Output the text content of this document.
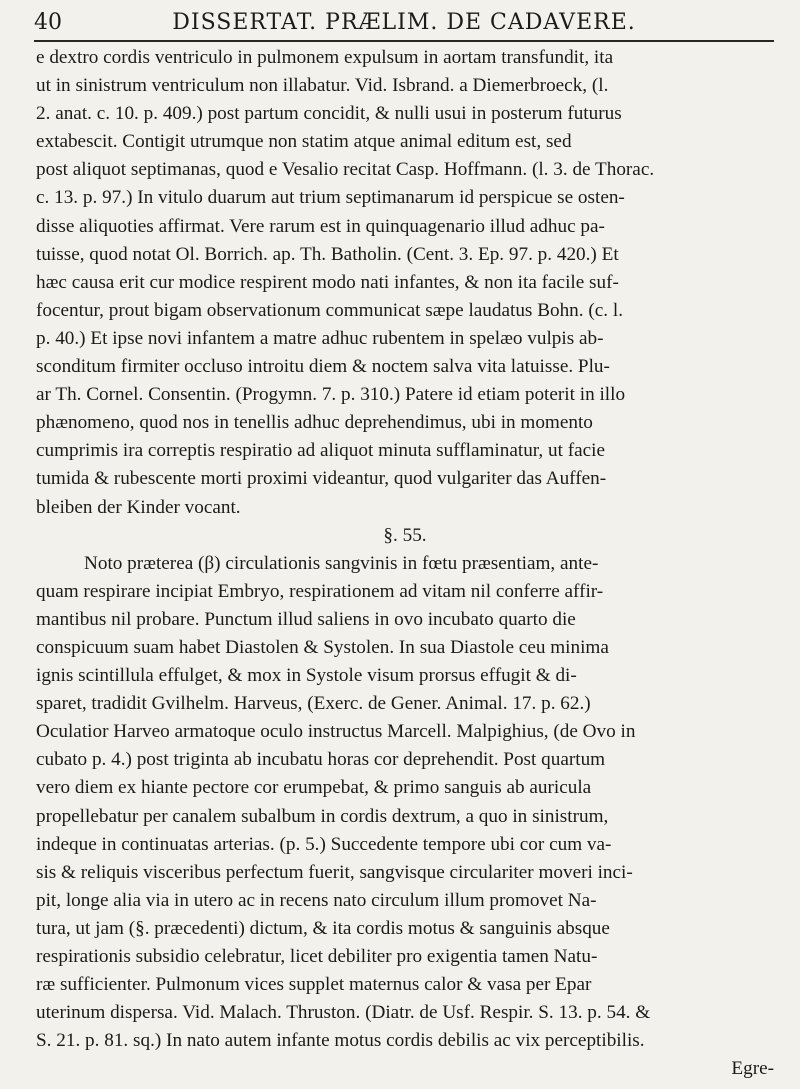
40	DISSERTAT. PRÆLIM. DE CADAVERE.
e dextro cordis ventriculo in pulmonem expulsum in aortam transfundit, ita
ut in sinistrum ventriculum non illabatur. Vid. Isbrand. a Diemerbroeck, (l.
2. anat. c. 10. p. 409.) post partum concidit, & nulli usui in posterum futurus
extabescit. Contigit utrumque non statim atque animal editum est, sed
post aliquot septimanas, quod e Vesalio recitat Casp. Hoffmann. (l. 3. de Thorac.
c. 13. p. 97.) In vitulo duarum aut trium septimanarum id perspicue se osten-
disse aliquoties affirmat. Vere rarum est in quinquagenario illud adhuc pa-
tuisse, quod notat Ol. Borrich. ap. Th. Batholin. (Cent. 3. Ep. 97. p. 420.) Et
hæc causa erit cur modice respirent modo nati infantes, & non ita facile suf-
focentur, prout bigam observationum communicat sæpe laudatus Bohn. (c. l.
p. 40.) Et ipse novi infantem a matre adhuc rubentem in spelæo vulpis ab-
sconditum firmiter occluso introitu diem & noctem salva vita latuisse. Plu-
ar Th. Cornel. Consentin. (Progymn. 7. p. 310.) Patere id etiam poterit in illo
phænomeno, quod nos in tenellis adhuc deprehendimus, ubi in momento
cumprimis ira correptis respiratio ad aliquot minuta sufflaminatur, ut facie
tumida & rubescente morti proximi videantur, quod vulgariter das Auffen-
bleiben der Kinder vocant.
§. 55.
Noto præterea (β) circulationis sangvinis in fœtu præsentiam, ante-
quam respirare incipiat Embryo, respirationem ad vitam nil conferre affir-
mantibus nil probare. Punctum illud saliens in ovo incubato quarto die
conspicuum suam habet Diastolen & Systolen. In sua Diastole ceu minima
ignis scintillula effulget, & mox in Systole visum prorsus effugit & di-
sparet, tradidit Gvilhelm. Harveus, (Exerc. de Gener. Animal. 17. p. 62.)
Oculatior Harveo armatoque oculo instructus Marcell. Malpighius, (de Ovo in
cubato p. 4.) post triginta ab incubatu horas cor deprehendit. Post quartum
vero diem ex hiante pectore cor erumpebat, & primo sanguis ab auricula
propellebatur per canalem subalbum in cordis dextrum, a quo in sinistrum,
indeque in continuatas arterias. (p. 5.) Succedente tempore ubi cor cum va-
sis & reliquis visceribus perfectum fuerit, sangvisque circulariter moveri inci-
pit, longe alia via in utero ac in recens nato circulum illum promovet Na-
tura, ut jam (§. præcedenti) dictum, & ita cordis motus & sanguinis absque
respirationis subsidio celebratur, licet debiliter pro exigentia tamen Natu-
ræ sufficienter. Pulmonum vices supplet maternus calor & vasa per Epar
uterinum dispersa. Vid. Malach. Thruston. (Diatr. de Usf. Respir. S. 13. p. 54. &
S. 21. p. 81. sq.) In nato autem infante motus cordis debilis ac vix perceptibilis.
Egre-
